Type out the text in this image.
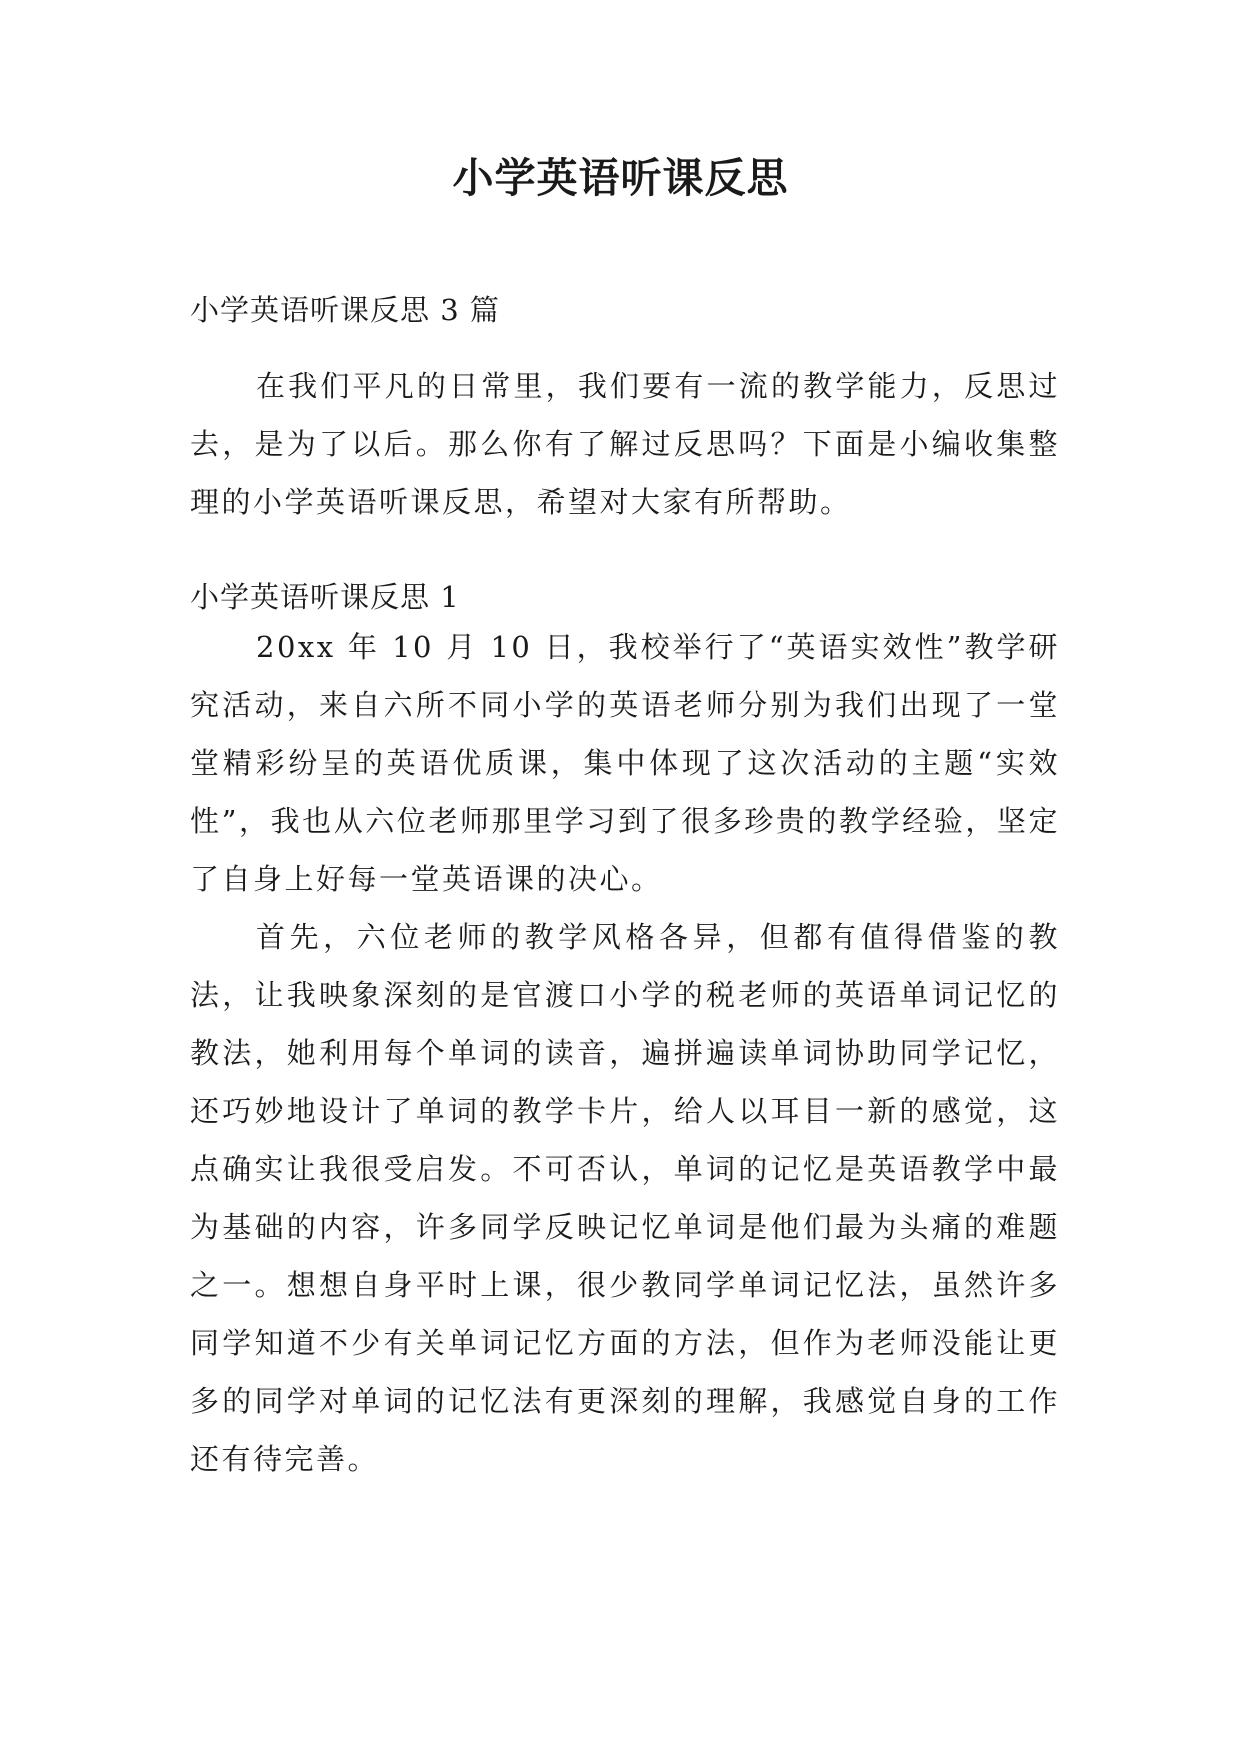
小学英语听课反思
小学英语听课反思 3 篇

在我们平凡的日常里，我们要有一流的教学能力，反思过去，是为了以后。那么你有了解过反思吗？下面是小编收集整理的小学英语听课反思，希望对大家有所帮助。

小学英语听课反思 1

20xx 年 10 月 10 日，我校举行了“英语实效性”教学研究活动，来自六所不同小学的英语老师分别为我们出现了一堂堂精彩纷呈的英语优质课，集中体现了这次活动的主题“实效性”，我也从六位老师那里学习到了很多珍贵的教学经验，坚定了自身上好每一堂英语课的决心。

首先，六位老师的教学风格各异，但都有值得借鉴的教法，让我映象深刻的是官渡口小学的税老师的英语单词记忆的教法，她利用每个单词的读音，遍拼遍读单词协助同学记忆，还巧妙地设计了单词的教学卡片，给人以耳目一新的感觉，这点确实让我很受启发。不可否认，单词的记忆是英语教学中最为基础的内容，许多同学反映记忆单词是他们最为头痛的难题之一。想想自身平时上课，很少教同学单词记忆法，虽然许多同学知道不少有关单词记忆方面的方法，但作为老师没能让更多的同学对单词的记忆法有更深刻的理解，我感觉自身的工作还有待完善。
